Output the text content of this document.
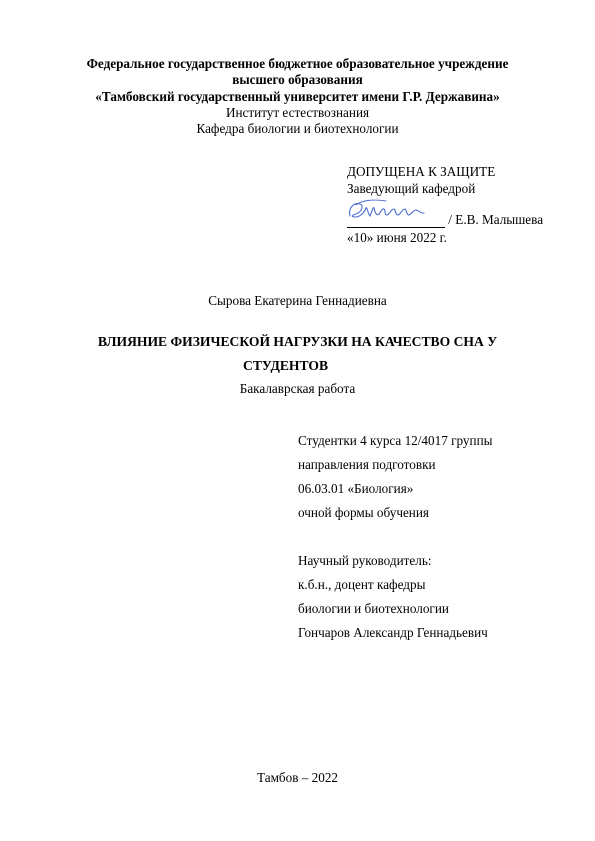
Федеральное государственное бюджетное образовательное учреждение
высшего образования
«Тамбовский государственный университет имени Г.Р. Державина»
Институт естествознания
Кафедра биологии и биотехнологии
ДОПУЩЕНА К ЗАЩИТЕ
Заведующий кафедрой
/ Е.В. Малышева
«10» июня 2022 г.
Сырова Екатерина Геннадиевна
ВЛИЯНИЕ ФИЗИЧЕСКОЙ НАГРУЗКИ НА КАЧЕСТВО СНА У
СТУДЕНТОВ
Бакалаврская работа
Студентки 4 курса 12/4017 группы
направления подготовки
06.03.01 «Биология»
очной формы обучения
Научный руководитель:
к.б.н., доцент кафедры
биологии и биотехнологии
Гончаров Александр Геннадьевич
Тамбов – 2022
